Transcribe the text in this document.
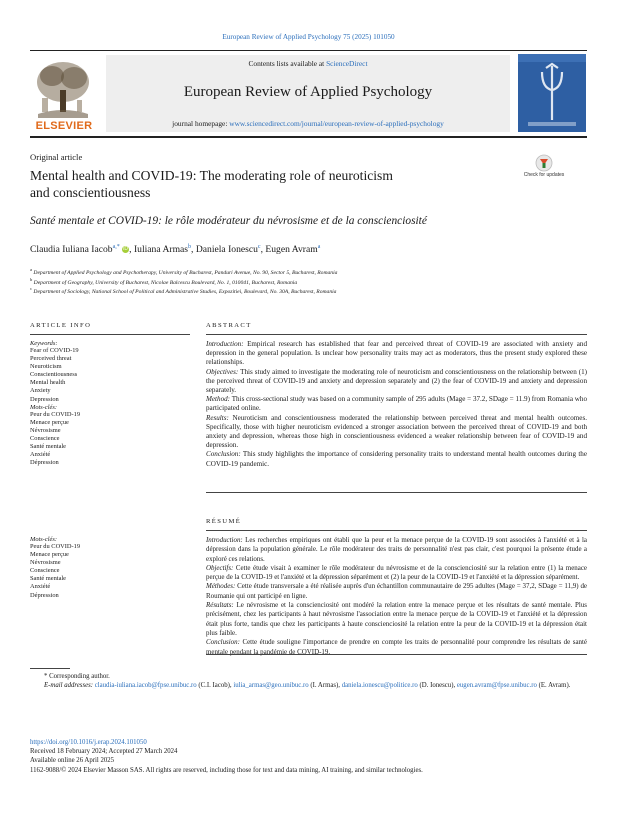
European Review of Applied Psychology 75 (2025) 101050
ELSEVIER
Contents lists available at ScienceDirect
European Review of Applied Psychology
journal homepage: www.sciencedirect.com/journal/european-review-of-applied-psychology
Original article
Mental health and COVID-19: The moderating role of neuroticism
and conscientiousness
Check for updates
Santé mentale et COVID-19: le rôle modérateur du névrosisme et de la conscienciosité
Claudia Iuliana Iacob$^{a,*}$ iD, Iuliana Armas$^b$, Daniela Ionescu$^c$, Eugen Avram$^a$
$^a$ Department of Applied Psychology and Psychotherapy, University of Bucharest, Panduri Avenue, No. 90, Sector 5, Bucharest, Romania
$^b$ Department of Geography, University of Bucharest, Nicolae Balcescu Boulevard, No. 1, 010041, Bucharest, Romania
$^c$ Department of Sociology, National School of Political and Administrative Studies, Expozitiei, Boulevard, No. 30A, Bucharest, Romania
ARTICLE INFO	ABSTRACT
Keywords:
Fear of COVID-19
Perceived threat
Neuroticism
Conscientiousness
Mental health
Anxiety
Depression
Mots-clés:
Peur du COVID-19
Menace perçue
Névrosisme
Conscience
Santé mentale
Anxiété
Dépression

Introduction: Empirical research has established that fear and perceived threat of COVID-19 are associated with anxiety and depression in the general population. Is unclear how personality traits may act as moderators, thus the present study explored these relationships.

Objectives: This study aimed to investigate the moderating role of neuroticism and conscientiousness on the relationship between (1) the perceived threat of COVID-19 and anxiety and depression separately and (2) the fear of COVID-19 and anxiety and depression separately.

Method: This cross-sectional study was based on a community sample of 295 adults (Mage = 37.2, SDage = 11.9) from Romania who participated online.

Results: Neuroticism and conscientiousness moderated the relationship between perceived threat and mental health outcomes. Specifically, those with higher neuroticism evidenced a stronger association between the perceived threat of COVID-19 and both anxiety and depression, whereas those high in conscientiousness evidenced a weaker relationship between fear of COVID-19 and depression.

Conclusion: This study highlights the importance of considering personality traits to understand mental health outcomes during the COVID-19 pandemic.

RÉSUMÉ
Mots-clés:
Peur du COVID-19
Menace perçue
Névrosisme
Conscience
Santé mentale
Anxiété
Dépression

Introduction: Les recherches empiriques ont établi que la peur et la menace perçue de la COVID-19 sont associées à l'anxiété et à la dépression dans la population générale. Le rôle modérateur des traits de personnalité n'est pas clair, c'est pourquoi la présente étude a exploré ces relations.

Objectifs: Cette étude visait à examiner le rôle modérateur du névrosisme et de la conscienciosité sur la relation entre (1) la menace perçue de la COVID-19 et l'anxiété et la dépression séparément et (2) la peur de la COVID-19 et l'anxiété et la dépression séparément.

Méthodes: Cette étude transversale a été réalisée auprès d'un échantillon communautaire de 295 adultes (Mage = 37,2, SDage = 11,9) de Roumanie qui ont participé en ligne.

Résultats: Le névrosisme et la conscienciosité ont modéré la relation entre la menace perçue et les résultats de santé mentale. Plus précisément, chez les participants à haut névrosisme l'association entre la menace perçue de la COVID-19 et l'anxiété et la dépression était plus forte, tandis que chez les participants à haute conscienciosité la relation entre la peur de la COVID-19 et la dépression était plus faible.

Conclusion: Cette étude souligne l'importance de prendre en compte les traits de personnalité pour comprendre les résultats de santé mentale pendant la pandémie de COVID-19.

* Corresponding author.
E-mail addresses: claudia-iuliana.iacob@fpse.unibuc.ro (C.I. Iacob), iulia_armas@geo.unibuc.ro (I. Armas), daniela.ionescu@politice.ro (D. Ionescu), eugen.avram@fpse.unibuc.ro (E. Avram).
https://doi.org/10.1016/j.erap.2024.101050
Received 18 February 2024; Accepted 27 March 2024
Available online 26 April 2025
1162-9088/© 2024 Elsevier Masson SAS. All rights are reserved, including those for text and data mining, AI training, and similar technologies.
